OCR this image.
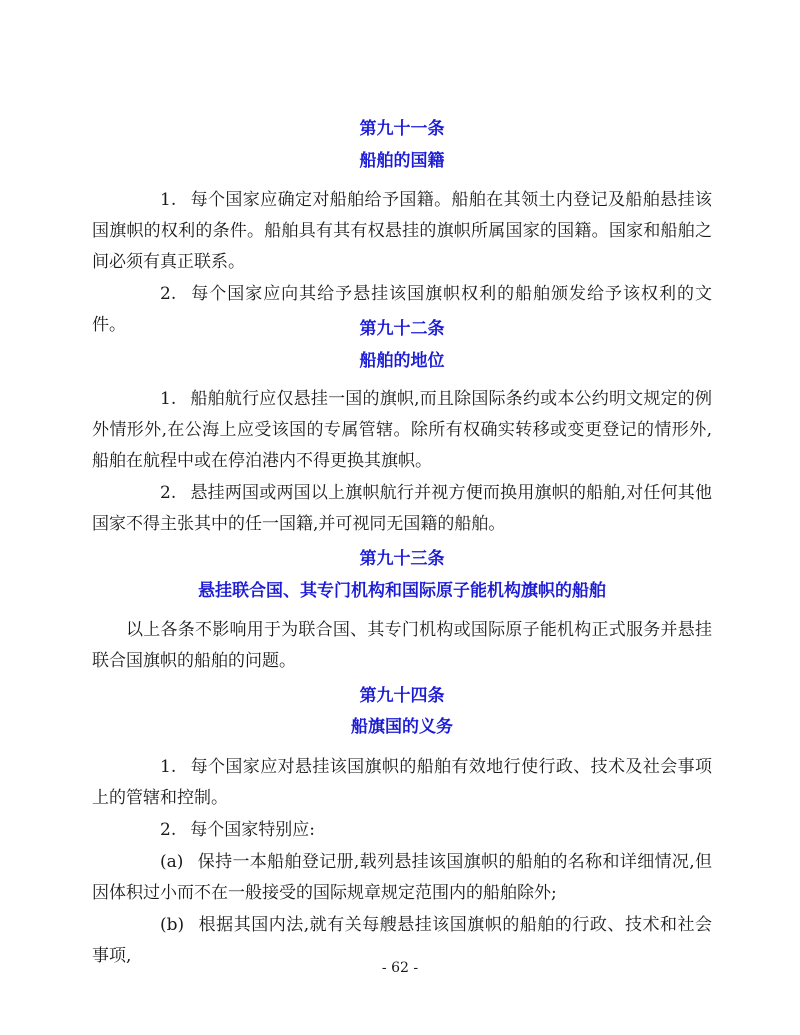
第九十一条
船舶的国籍
1. 每个国家应确定对船舶给予国籍。船舶在其领土内登记及船舶悬挂该国旗帜的权利的条件。船舶具有其有权悬挂的旗帜所属国家的国籍。国家和船舶之间必须有真正联系。
2. 每个国家应向其给予悬挂该国旗帜权利的船舶颁发给予该权利的文件。	第九十二条
船舶的地位
1. 船舶航行应仅悬挂一国的旗帜,而且除国际条约或本公约明文规定的例外情形外,在公海上应受该国的专属管辖。除所有权确实转移或变更登记的情形外,船舶在航程中或在停泊港内不得更换其旗帜。
2. 悬挂两国或两国以上旗帜航行并视方便而换用旗帜的船舶,对任何其他国家不得主张其中的任一国籍,并可视同无国籍的船舶。
第九十三条
悬挂联合国、其专门机构和国际原子能机构旗帜的船舶
以上各条不影响用于为联合国、其专门机构或国际原子能机构正式服务并悬挂联合国旗帜的船舶的问题。
第九十四条
船旗国的义务
1. 每个国家应对悬挂该国旗帜的船舶有效地行使行政、技术及社会事项上的管辖和控制。
2. 每个国家特别应:
(a) 保持一本船舶登记册,载列悬挂该国旗帜的船舶的名称和详细情况,但因体积过小而不在一般接受的国际规章规定范围内的船舶除外;
(b) 根据其国内法,就有关每艘悬挂该国旗帜的船舶的行政、技术和社会事项,
- 62 -
